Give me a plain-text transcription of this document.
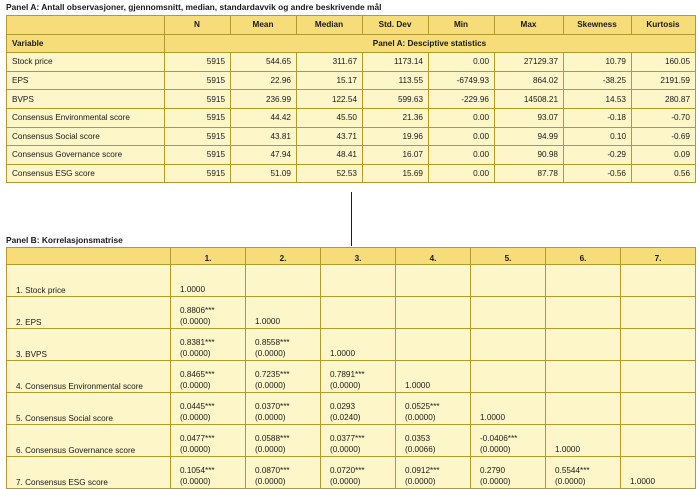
Panel A: Antall observasjoner, gjennomsnitt, median, standardavvik og andre beskrivende mål
	N	Mean	Median	Std. Dev	Min	Max	Skewness	Kurtosis
Variable	Panel A: Desciptive statistics							
Stock price	5915	544.65	311.67	1173.14	0.00	27129.37	10.79	160.05
EPS	5915	22.96	15.17	113.55	-6749.93	864.02	-38.25	2191.59
BVPS	5915	236.99	122.54	599.63	-229.96	14508.21	14.53	280.87
Consensus Environmental score	5915	44.42	45.50	21.36	0.00	93.07	-0.18	-0.70
Consensus Social score	5915	43.81	43.71	19.96	0.00	94.99	0.10	-0.69
Consensus Governance score	5915	47.94	48.41	16.07	0.00	90.98	-0.29	0.09
Consensus ESG score	5915	51.09	52.53	15.69	0.00	87.78	-0.56	0.56
Panel B: Korrelasjonsmatrise
	1.	2.	3.	4.	5.	6.	7.
1. Stock price	1.0000						

2. EPS	0.8806***
(0.0000)	1.0000					

3. BVPS	0.8381***
(0.0000)	0.8558***
(0.0000)	1.0000				

4. Consensus Environmental score	0.8465***
(0.0000)	0.7235***
(0.0000)	0.7891***
(0.0000)	1.0000			

5. Consensus Social score	0.0445***
(0.0000)	0.0370***
(0.0000)	0.0293
(0.0240)	0.0525***
(0.0000)	1.0000		

6. Consensus Governance score	0.0477***
(0.0000)	0.0588***
(0.0000)	0.0377***
(0.0000)	0.0353
(0.0066)	-0.0406***
(0.0000)	1.0000	

7. Consensus ESG score	0.1054***
(0.0000)	0.0870***
(0.0000)	0.0720***
(0.0000)	0.0912***
(0.0000)	0.2790
(0.0000)	0.5544***
(0.0000)	1.0000
